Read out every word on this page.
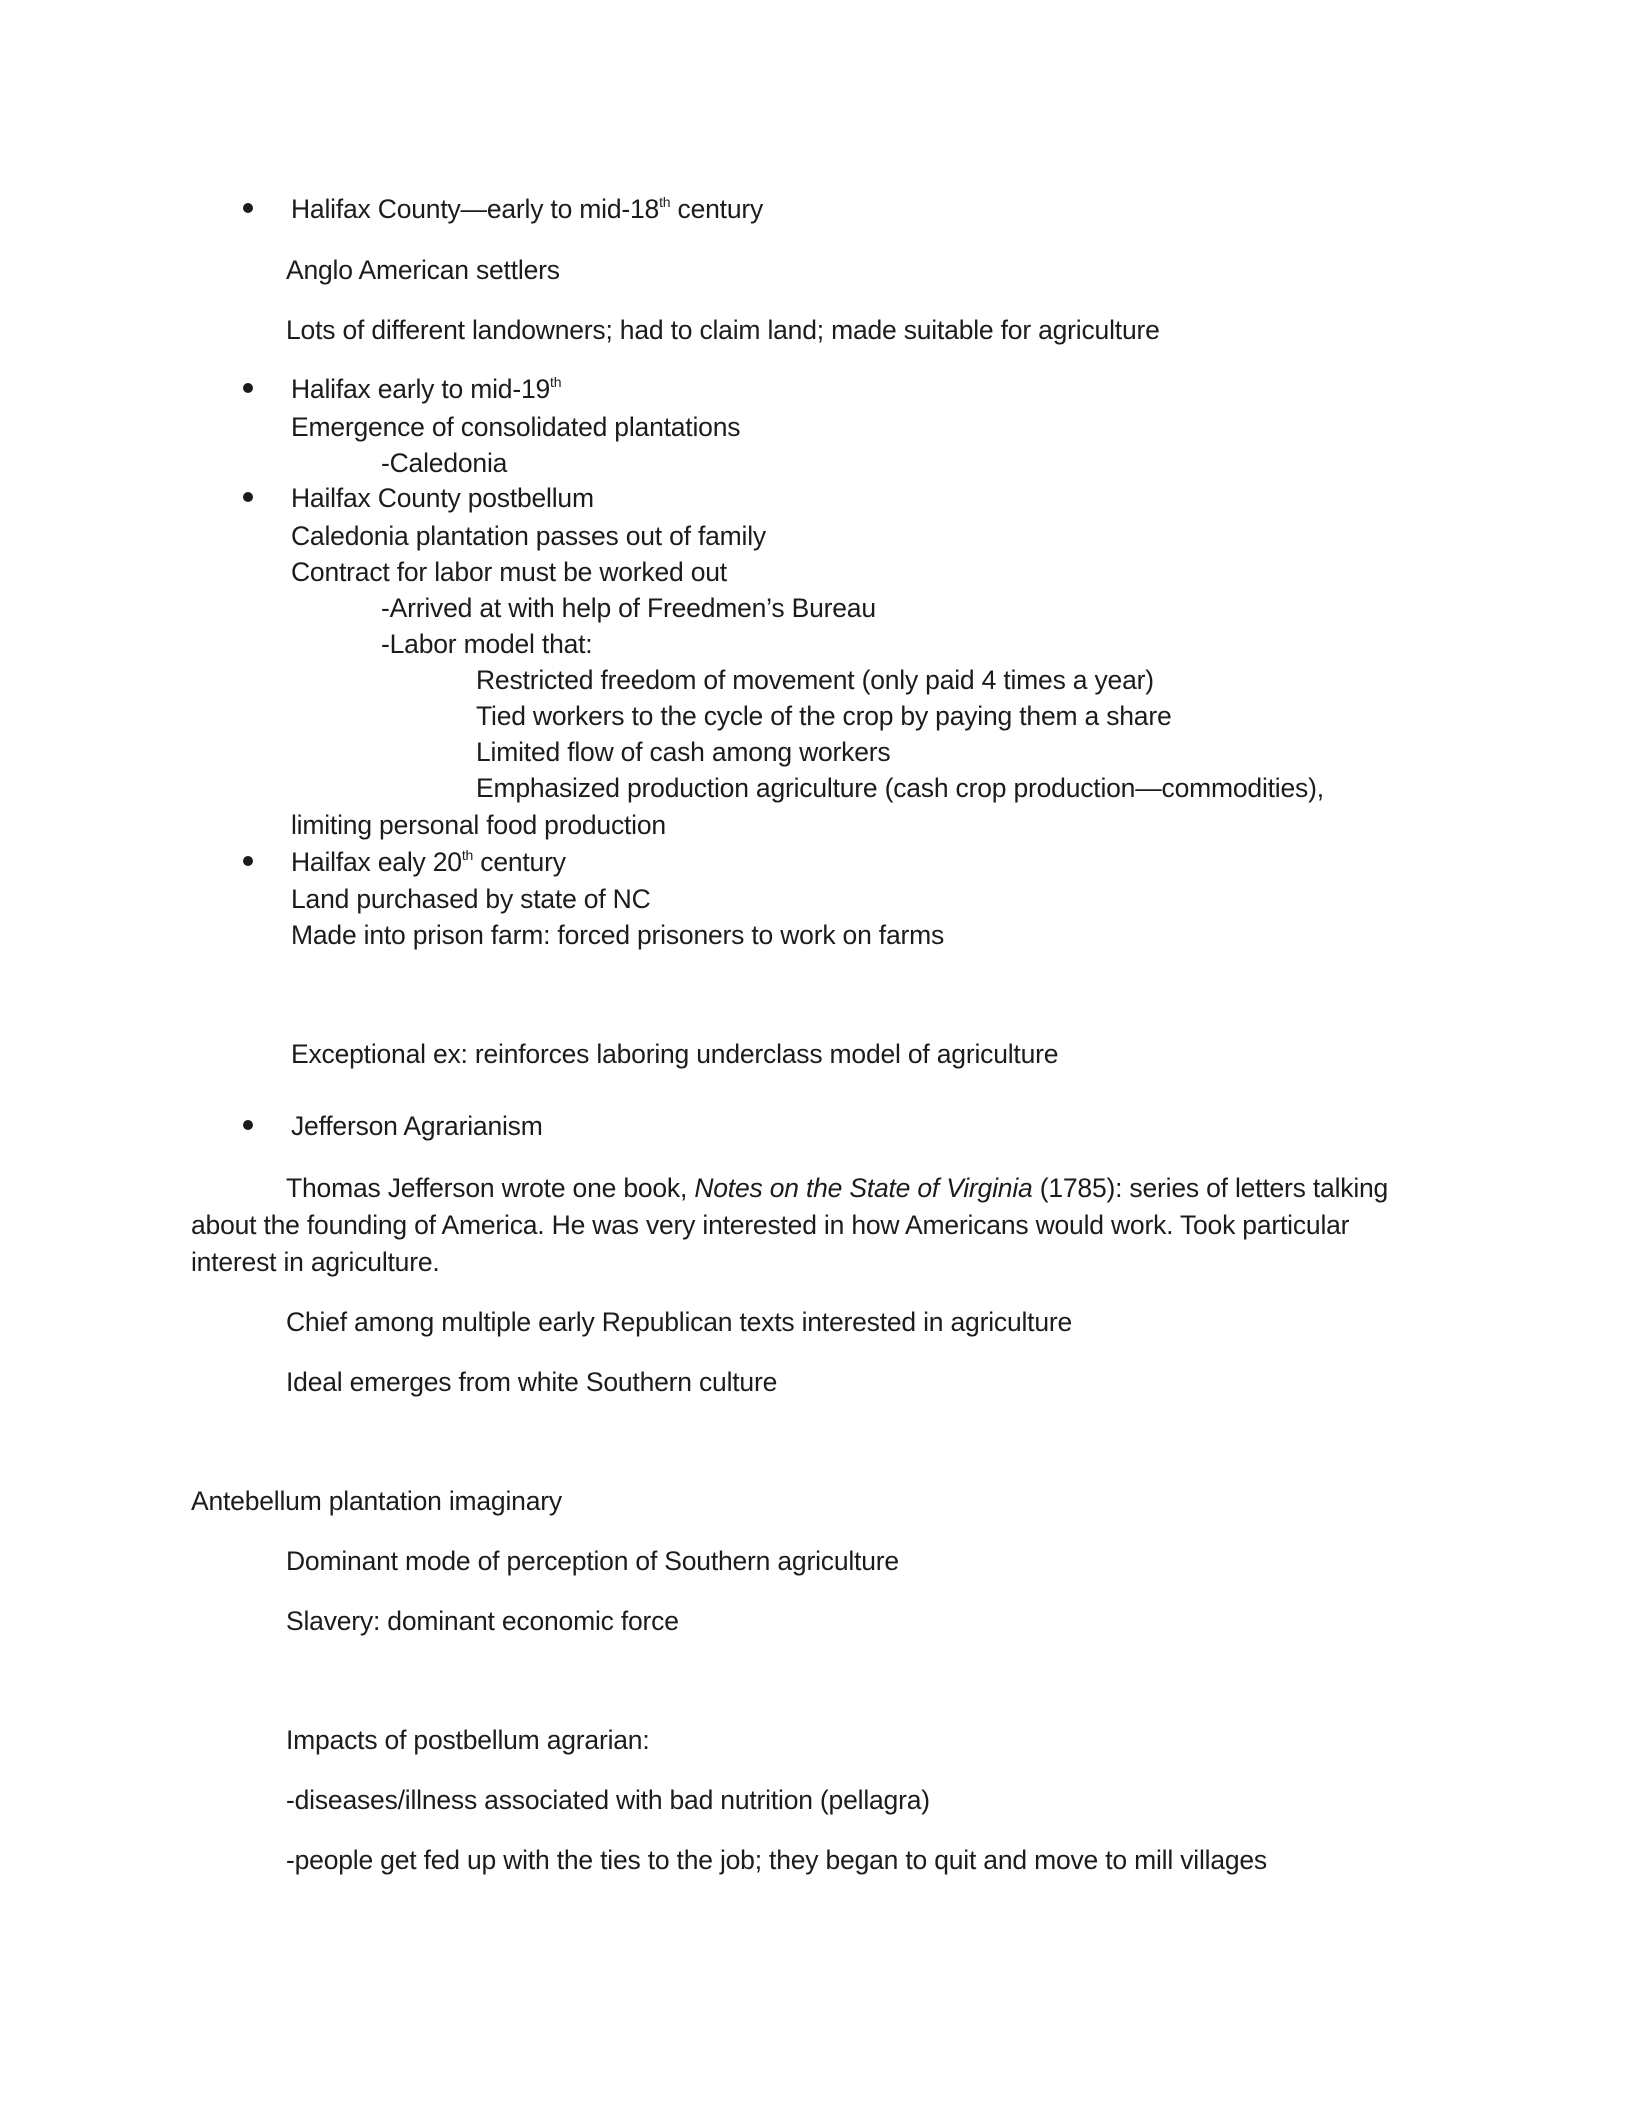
Halifax County—early to mid-18th century
Anglo American settlers
Lots of different landowners; had to claim land; made suitable for agriculture
Halifax early to mid-19th
Emergence of consolidated plantations
-Caledonia
Hailfax County postbellum
Caledonia plantation passes out of family
Contract for labor must be worked out
-Arrived at with help of Freedmen’s Bureau
-Labor model that:
Restricted freedom of movement (only paid 4 times a year)
Tied workers to the cycle of the crop by paying them a share
Limited flow of cash among workers
Emphasized production agriculture (cash crop production—commodities),
limiting personal food production
Hailfax ealy 20th century
Land purchased by state of NC
Made into prison farm: forced prisoners to work on farms
Exceptional ex: reinforces laboring underclass model of agriculture
Jefferson Agrarianism
Thomas Jefferson wrote one book, Notes on the State of Virginia (1785): series of letters talking
about the founding of America. He was very interested in how Americans would work. Took particular
interest in agriculture.
Chief among multiple early Republican texts interested in agriculture
Ideal emerges from white Southern culture
Antebellum plantation imaginary
Dominant mode of perception of Southern agriculture
Slavery: dominant economic force
Impacts of postbellum agrarian:
-diseases/illness associated with bad nutrition (pellagra)
-people get fed up with the ties to the job; they began to quit and move to mill villages
